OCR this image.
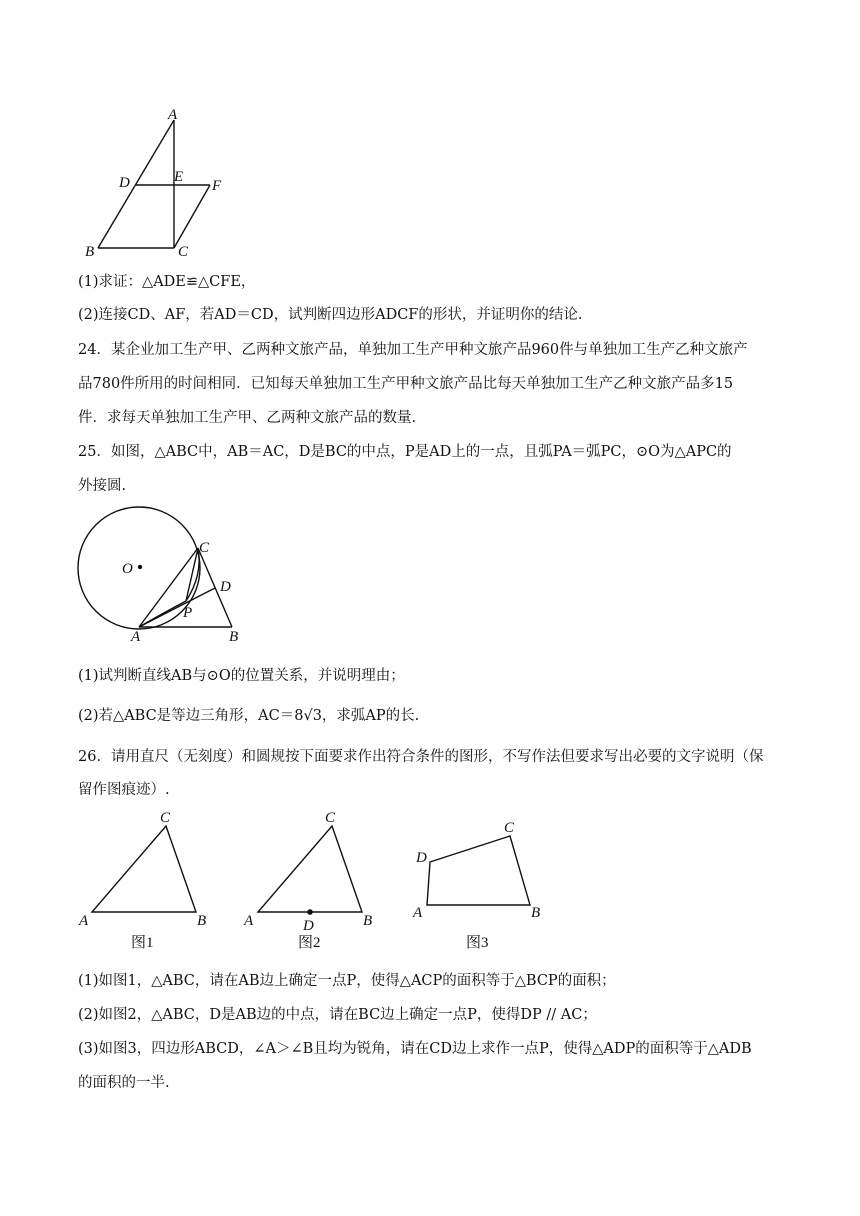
A
D	E
F
B	C
(1)求证：△ADE≌△CFE，
(2)连接CD、AF，若AD＝CD，试判断四边形ADCF的形状，并证明你的结论.
24．某企业加工生产甲、乙两种文旅产品，单独加工生产甲种文旅产品960件与单独加工生产乙种文旅产
品780件所用的时间相同．已知每天单独加工生产甲种文旅产品比每天单独加工生产乙种文旅产品多15
件．求每天单独加工生产甲、乙两种文旅产品的数量.
25．如图，△ABC中，AB＝AC，D是BC的中点，P是AD上的一点，且弧PA＝弧PC，⊙O为△APC的
外接圆.
O
C
D
P
A	B
(1)试判断直线AB与⊙O的位置关系，并说明理由；
(2)若△ABC是等边三角形，AC＝8√3，求弧AP的长.
26．请用直尺（无刻度）和圆规按下面要求作出符合条件的图形，不写作法但要求写出必要的文字说明（保
留作图痕迹）.
C
A	B
图1
C
A	B
D
图2
C
D
A	B
图3
(1)如图1，△ABC，请在AB边上确定一点P，使得△ACP的面积等于△BCP的面积；
(2)如图2，△ABC，D是AB边的中点，请在BC边上确定一点P，使得DP // AC；
(3)如图3，四边形ABCD，∠A＞∠B且均为锐角，请在CD边上求作一点P，使得△ADP的面积等于△ADB
的面积的一半.
